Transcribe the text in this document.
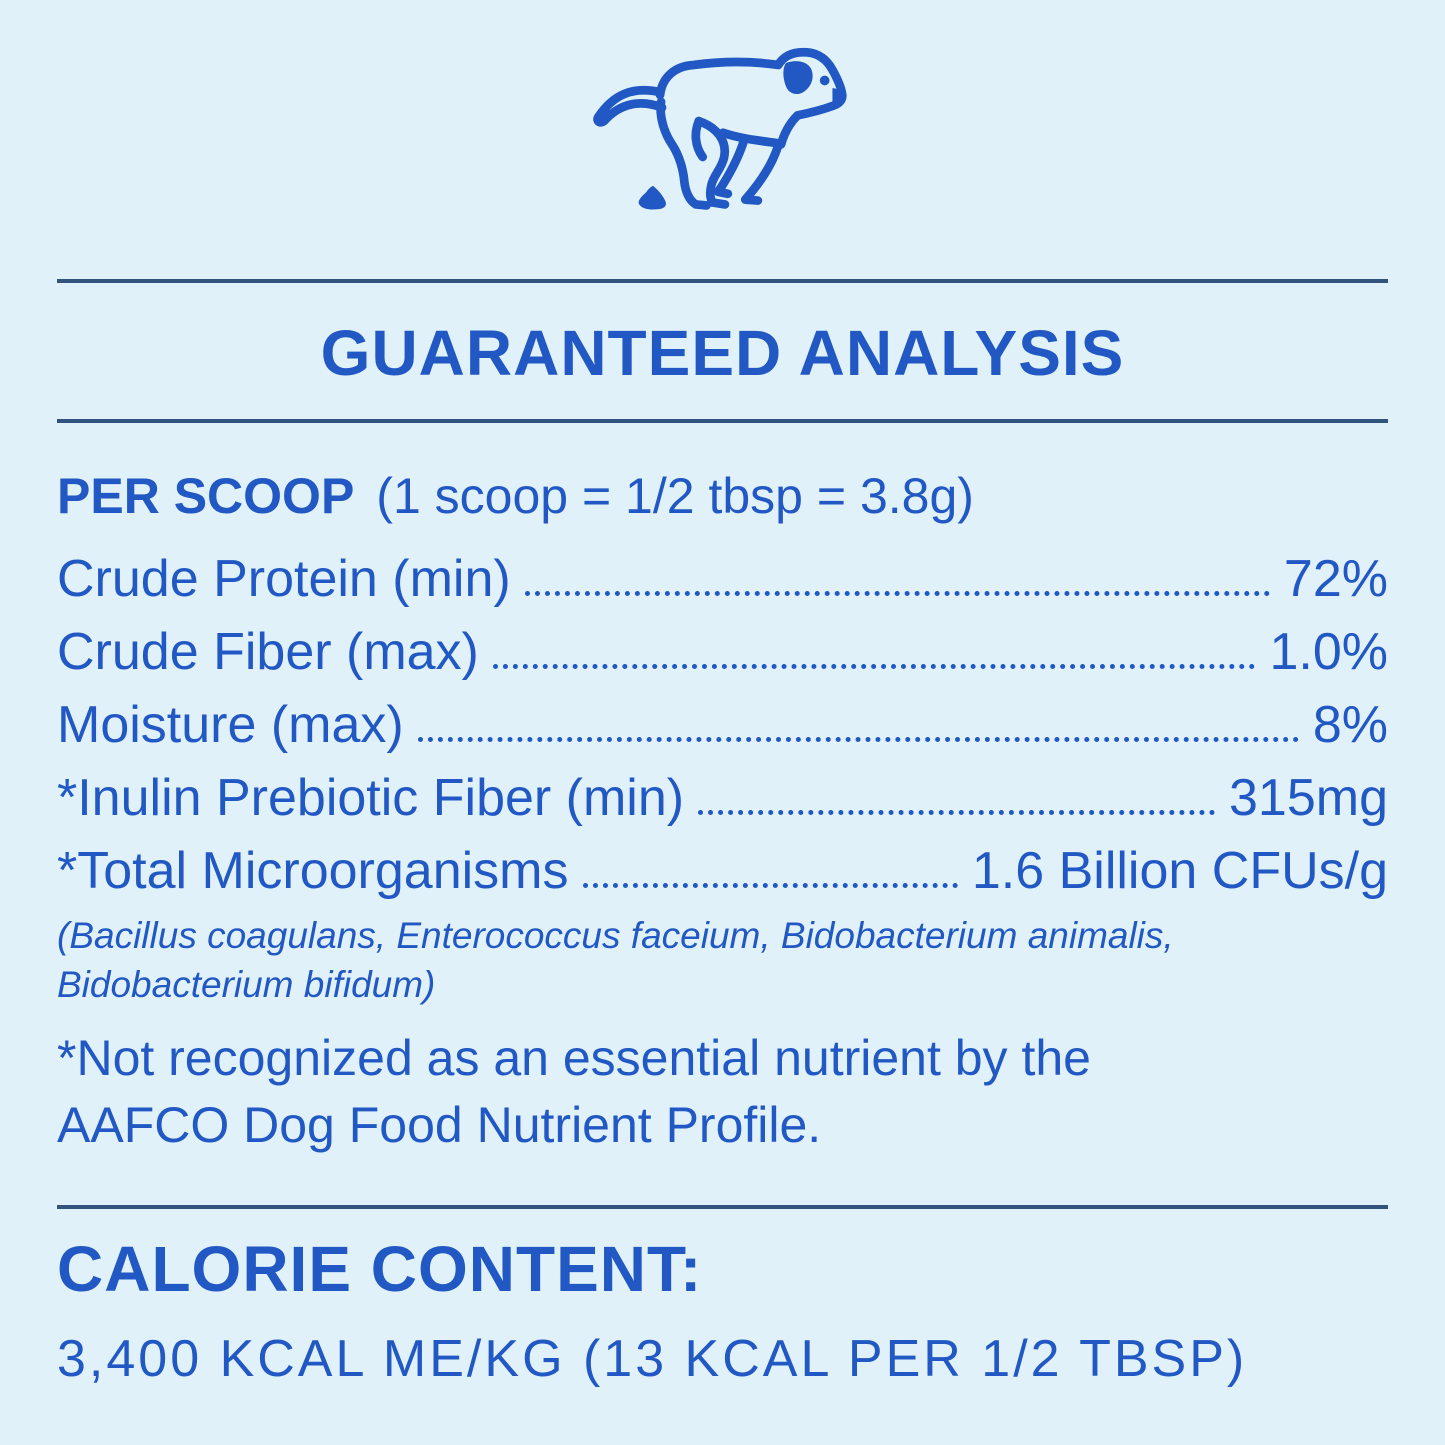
GUARANTEED ANALYSIS
PER SCOOP (1 scoop = 1/2 tbsp = 3.8g)
Crude Protein (min)	72%
Crude Fiber (max)	1.0%
Moisture (max)	8%
*Inulin Prebiotic Fiber (min)	315mg
*Total Microorganisms	1.6 Billion CFUs/g
(Bacillus coagulans, Enterococcus faceium, Bidobacterium animalis,
Bidobacterium bifidum)
*Not recognized as an essential nutrient by the
AAFCO Dog Food Nutrient Profile.
CALORIE CONTENT:
3,400 KCAL ME/KG (13 KCAL PER 1/2 TBSP)
